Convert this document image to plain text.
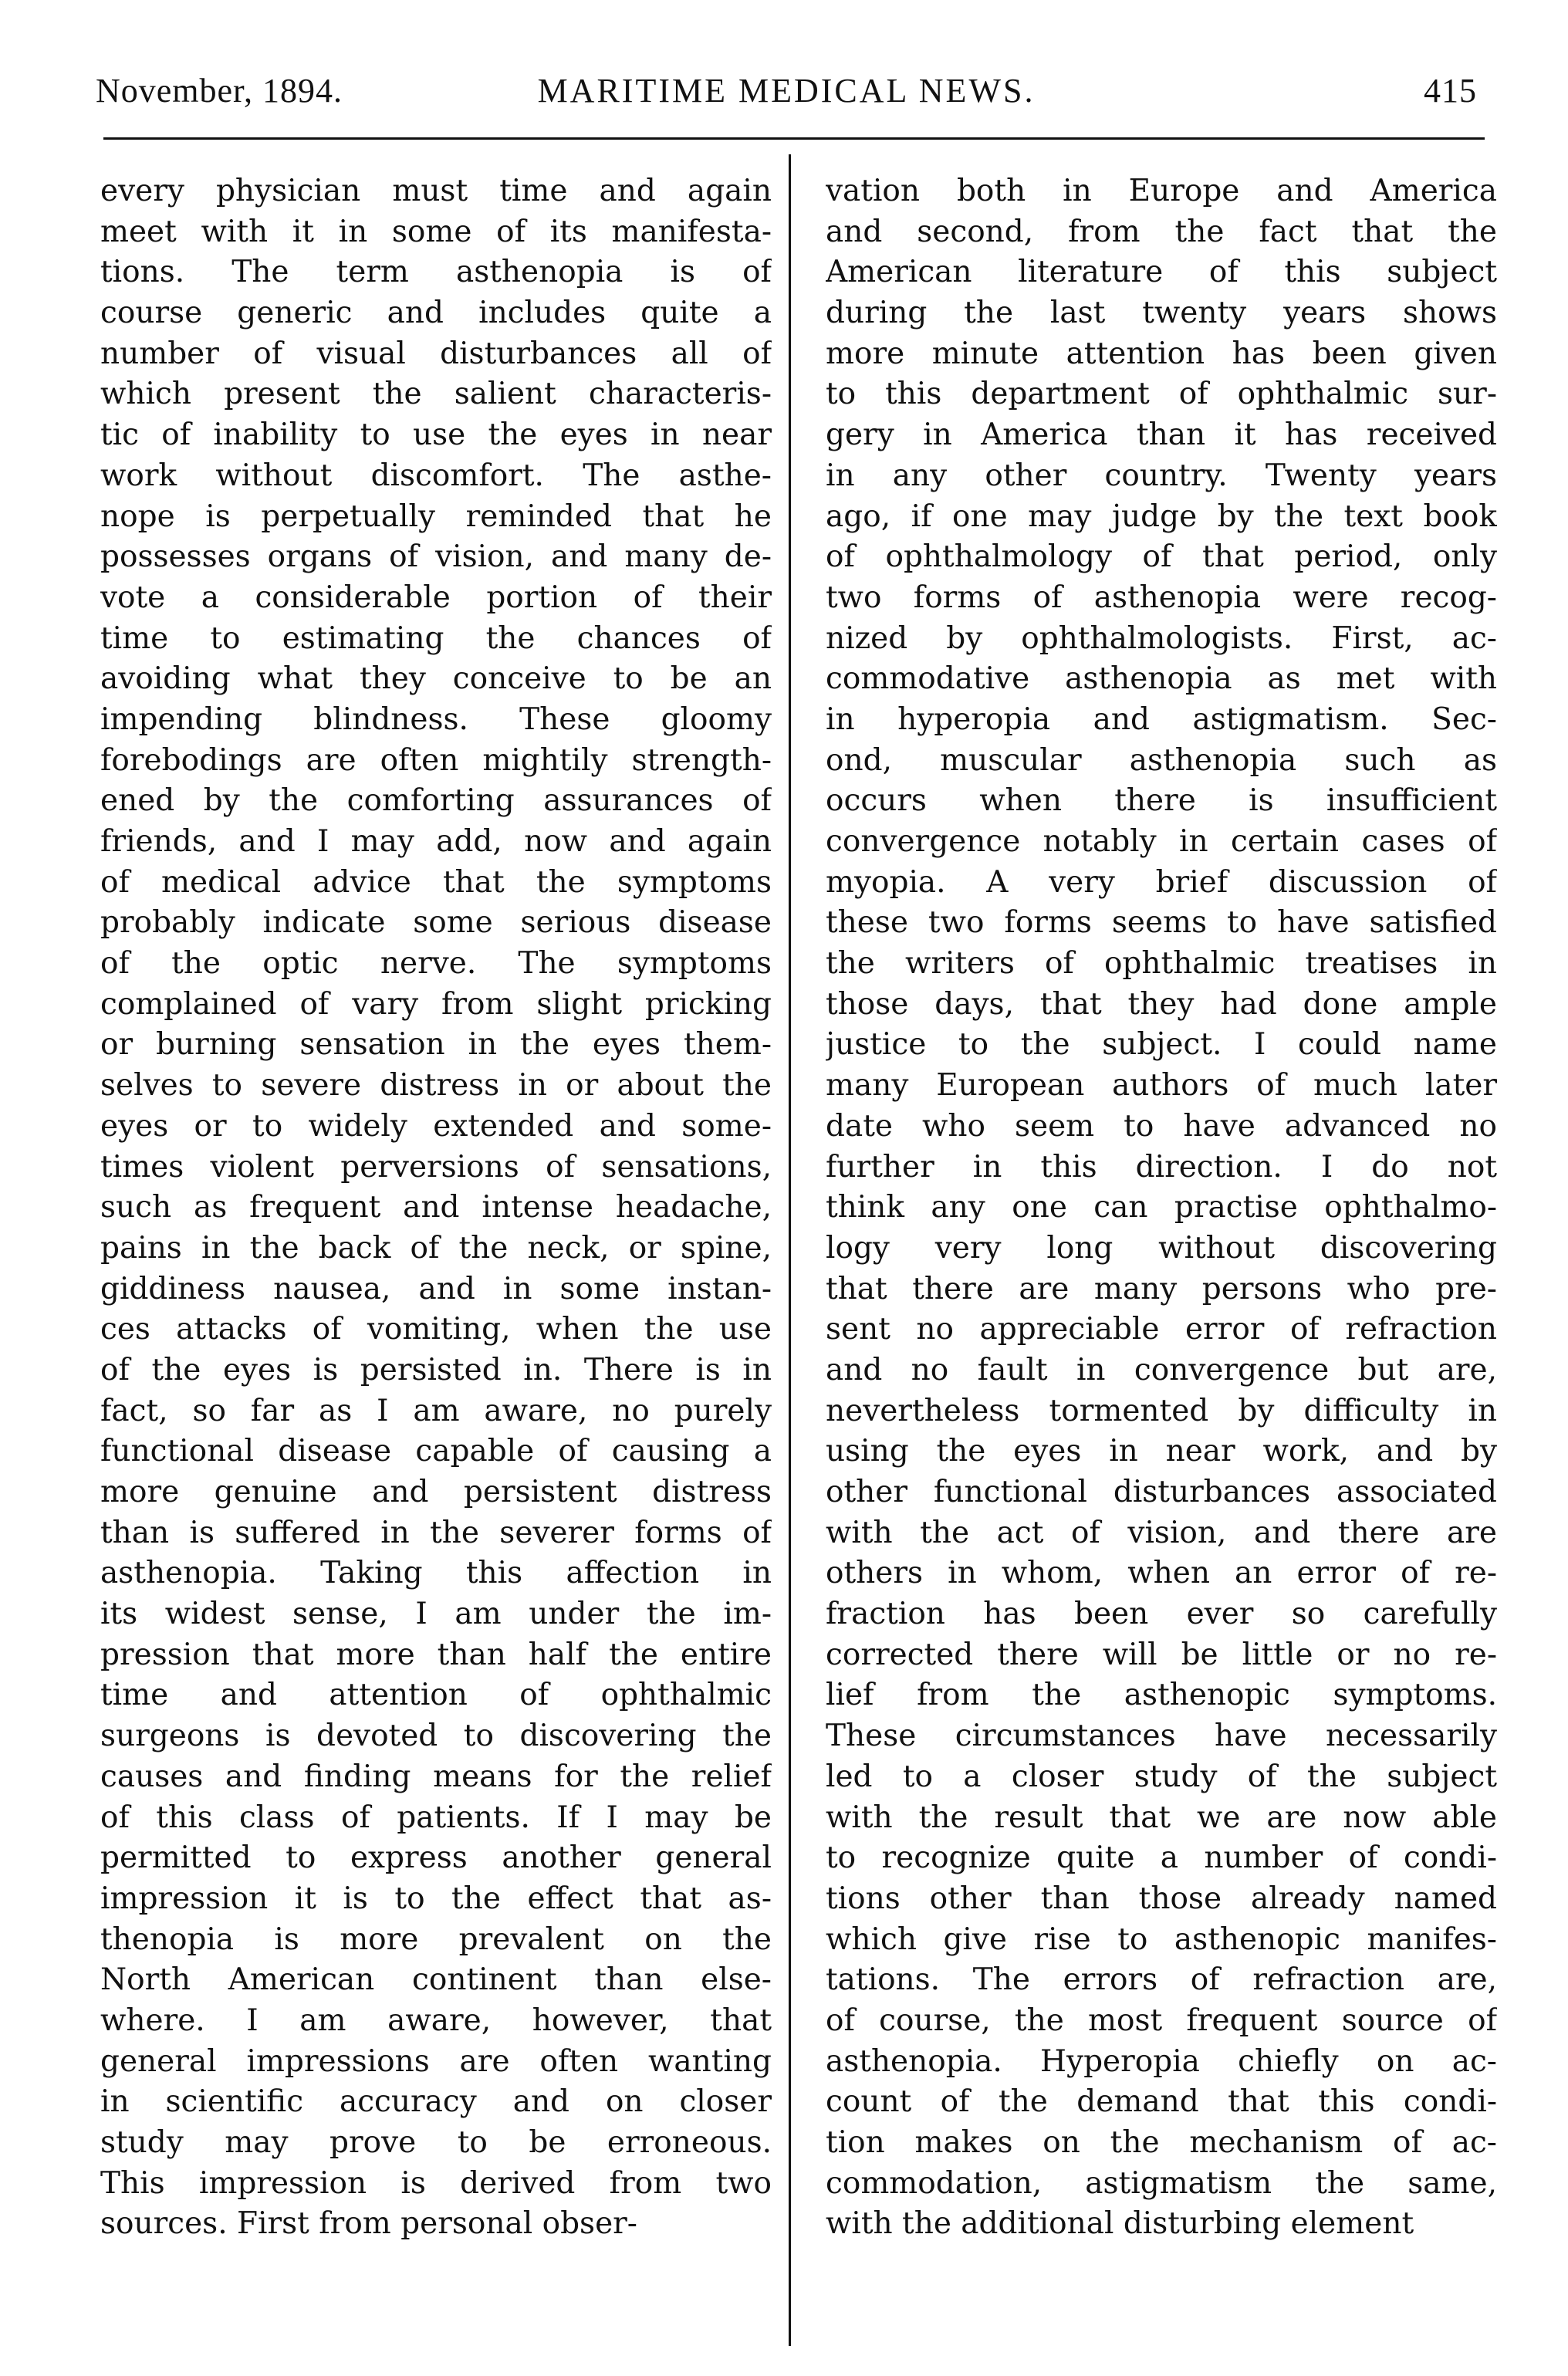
November, 1894.	MARITIME MEDICAL NEWS.	415
every physician must time and again
meet with it in some of its manifesta-
tions. The term asthenopia is of
course generic and includes quite a
number of visual disturbances all of
which present the salient characteris-
tic of inability to use the eyes in near
work without discomfort. The asthe-
nope is perpetually reminded that he
possesses organs of vision, and many de-
vote a considerable portion of their
time to estimating the chances of
avoiding what they conceive to be an
impending blindness. These gloomy
forebodings are often mightily strength-
ened by the comforting assurances of
friends, and I may add, now and again
of medical advice that the symptoms
probably indicate some serious disease
of the optic nerve. The symptoms
complained of vary from slight pricking
or burning sensation in the eyes them-
selves to severe distress in or about the
eyes or to widely extended and some-
times violent perversions of sensations,
such as frequent and intense headache,
pains in the back of the neck, or spine,
giddiness nausea, and in some instan-
ces attacks of vomiting, when the use
of the eyes is persisted in. There is in
fact, so far as I am aware, no purely
functional disease capable of causing a
more genuine and persistent distress
than is suffered in the severer forms of
asthenopia. Taking this affection in
its widest sense, I am under the im-
pression that more than half the entire
time and attention of ophthalmic
surgeons is devoted to discovering the
causes and finding means for the relief
of this class of patients. If I may be
permitted to express another general
impression it is to the effect that as-
thenopia is more prevalent on the
North American continent than else-
where. I am aware, however, that
general impressions are often wanting
in scientific accuracy and on closer
study may prove to be erroneous.
This impression is derived from two
sources. First from personal obser-
vation both in Europe and America
and second, from the fact that the
American literature of this subject
during the last twenty years shows
more minute attention has been given
to this department of ophthalmic sur-
gery in America than it has received
in any other country. Twenty years
ago, if one may judge by the text book
of ophthalmology of that period, only
two forms of asthenopia were recog-
nized by ophthalmologists. First, ac-
commodative asthenopia as met with
in hyperopia and astigmatism. Sec-
ond, muscular asthenopia such as
occurs when there is insufficient
convergence notably in certain cases of
myopia. A very brief discussion of
these two forms seems to have satisfied
the writers of ophthalmic treatises in
those days, that they had done ample
justice to the subject. I could name
many European authors of much later
date who seem to have advanced no
further in this direction. I do not
think any one can practise ophthalmo-
logy very long without discovering
that there are many persons who pre-
sent no appreciable error of refraction
and no fault in convergence but are,
nevertheless tormented by difficulty in
using the eyes in near work, and by
other functional disturbances associated
with the act of vision, and there are
others in whom, when an error of re-
fraction has been ever so carefully
corrected there will be little or no re-
lief from the asthenopic symptoms.
These circumstances have necessarily
led to a closer study of the subject
with the result that we are now able
to recognize quite a number of condi-
tions other than those already named
which give rise to asthenopic manifes-
tations. The errors of refraction are,
of course, the most frequent source of
asthenopia. Hyperopia chiefly on ac-
count of the demand that this condi-
tion makes on the mechanism of ac-
commodation, astigmatism the same,
with the additional disturbing element
